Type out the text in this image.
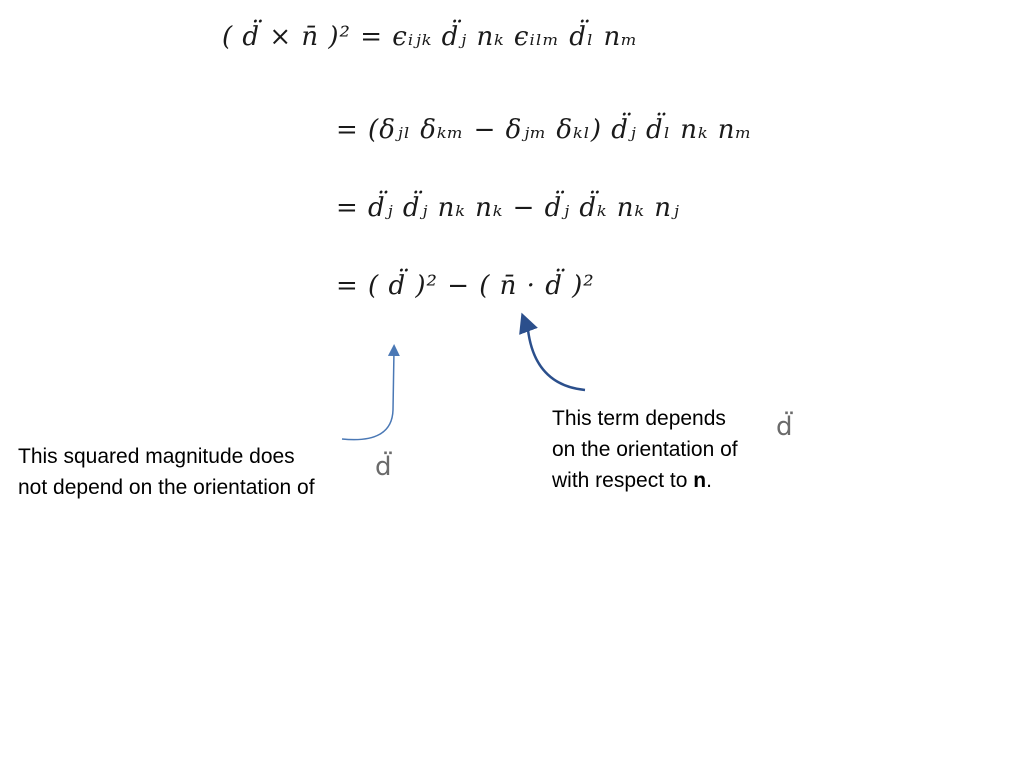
( d̈ × n̄ )² = ϵᵢⱼₖ d̈ⱼ nₖ ϵᵢₗₘ d̈ₗ nₘ
= (δⱼₗ δₖₘ − δⱼₘ δₖₗ) d̈ⱼ d̈ₗ nₖ nₘ
= d̈ⱼ d̈ⱼ nₖ nₖ − d̈ⱼ d̈ₖ nₖ nⱼ
= ( d̈ )² − ( n̄ · d̈ )²
This squared magnitude does
not depend on the orientation of
d̈
This term depends
on the orientation of
with respect to n.
d̈
